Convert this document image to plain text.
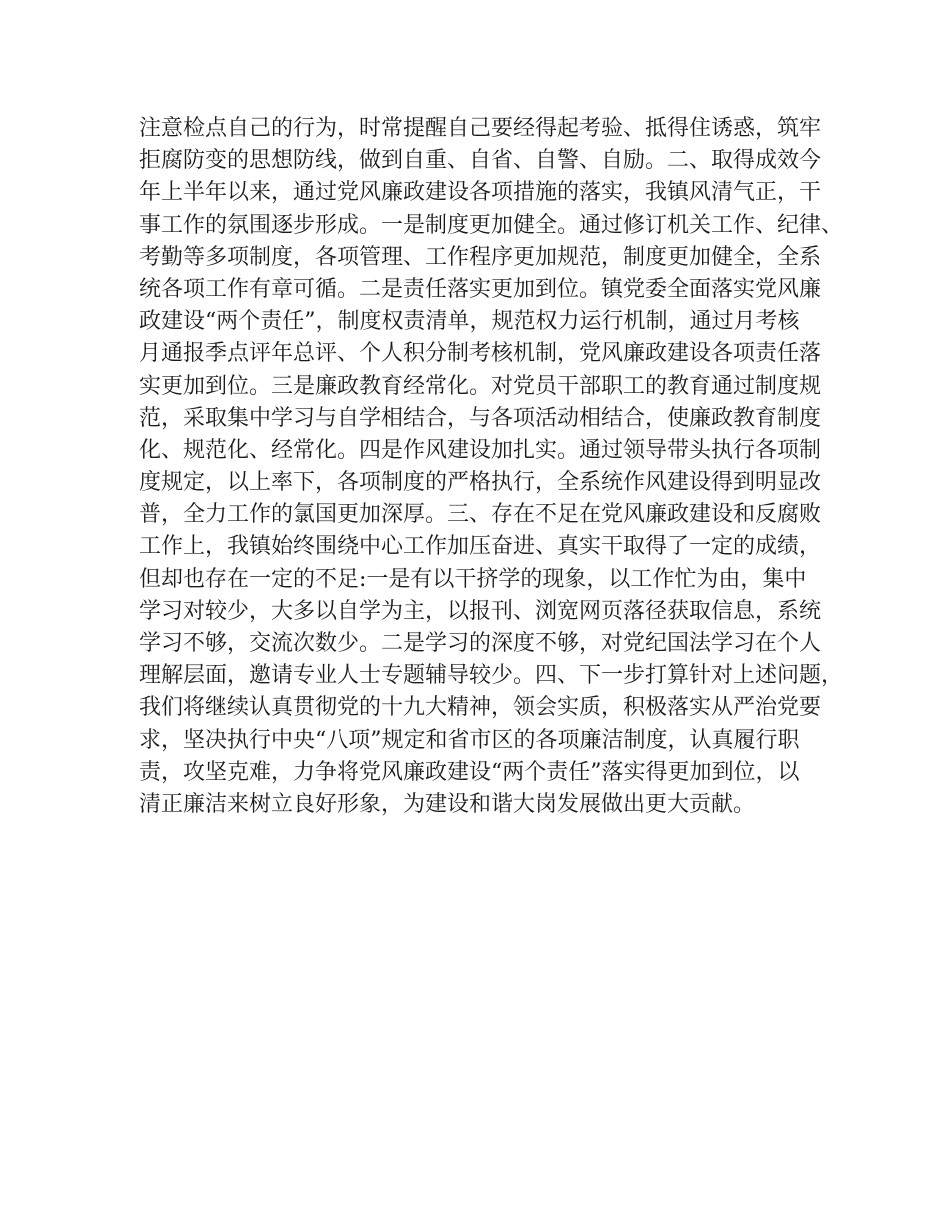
注意检点自己的行为，时常提醒自己要经得起考验、抵得住诱惑，筑牢
拒腐防变的思想防线，做到自重、自省、自警、自励。二、取得成效今
年上半年以来，通过党风廉政建设各项措施的落实，我镇风清气正，干
事工作的氛围逐步形成。一是制度更加健全。通过修订机关工作、纪律、
考勤等多项制度，各项管理、工作程序更加规范，制度更加健全，全系
统各项工作有章可循。二是责任落实更加到位。镇党委全面落实党风廉
政建设“两个责任”，制度权责清单，规范权力运行机制，通过月考核
月通报季点评年总评、个人积分制考核机制，党风廉政建设各项责任落
实更加到位。三是廉政教育经常化。对党员干部职工的教育通过制度规
范，采取集中学习与自学相结合，与各项活动相结合，使廉政教育制度
化、规范化、经常化。四是作风建设加扎实。通过领导带头执行各项制
度规定，以上率下，各项制度的严格执行，全系统作风建设得到明显改
普，全力工作的氯国更加深厚。三、存在不足在党风廉政建设和反腐败
工作上，我镇始终围绕中心工作加压奋进、真实干取得了一定的成绩，
但却也存在一定的不足:一是有以干挤学的现象，以工作忙为由，集中
学习对较少，大多以自学为主，以报刊、浏宽网页落径获取信息，系统
学习不够，交流次数少。二是学习的深度不够，对党纪国法学习在个人
理解层面，邀请专业人士专题辅导较少。四、下一步打算针对上述问题，
我们将继续认真贯彻党的十九大精神，领会实质，积极落实从严治党要
求，坚决执行中央“八项”规定和省市区的各项廉洁制度，认真履行职
责，攻坚克难，力争将党风廉政建设“两个责任”落实得更加到位，以
清正廉洁来树立良好形象，为建设和谐大岗发展做出更大贡献。
